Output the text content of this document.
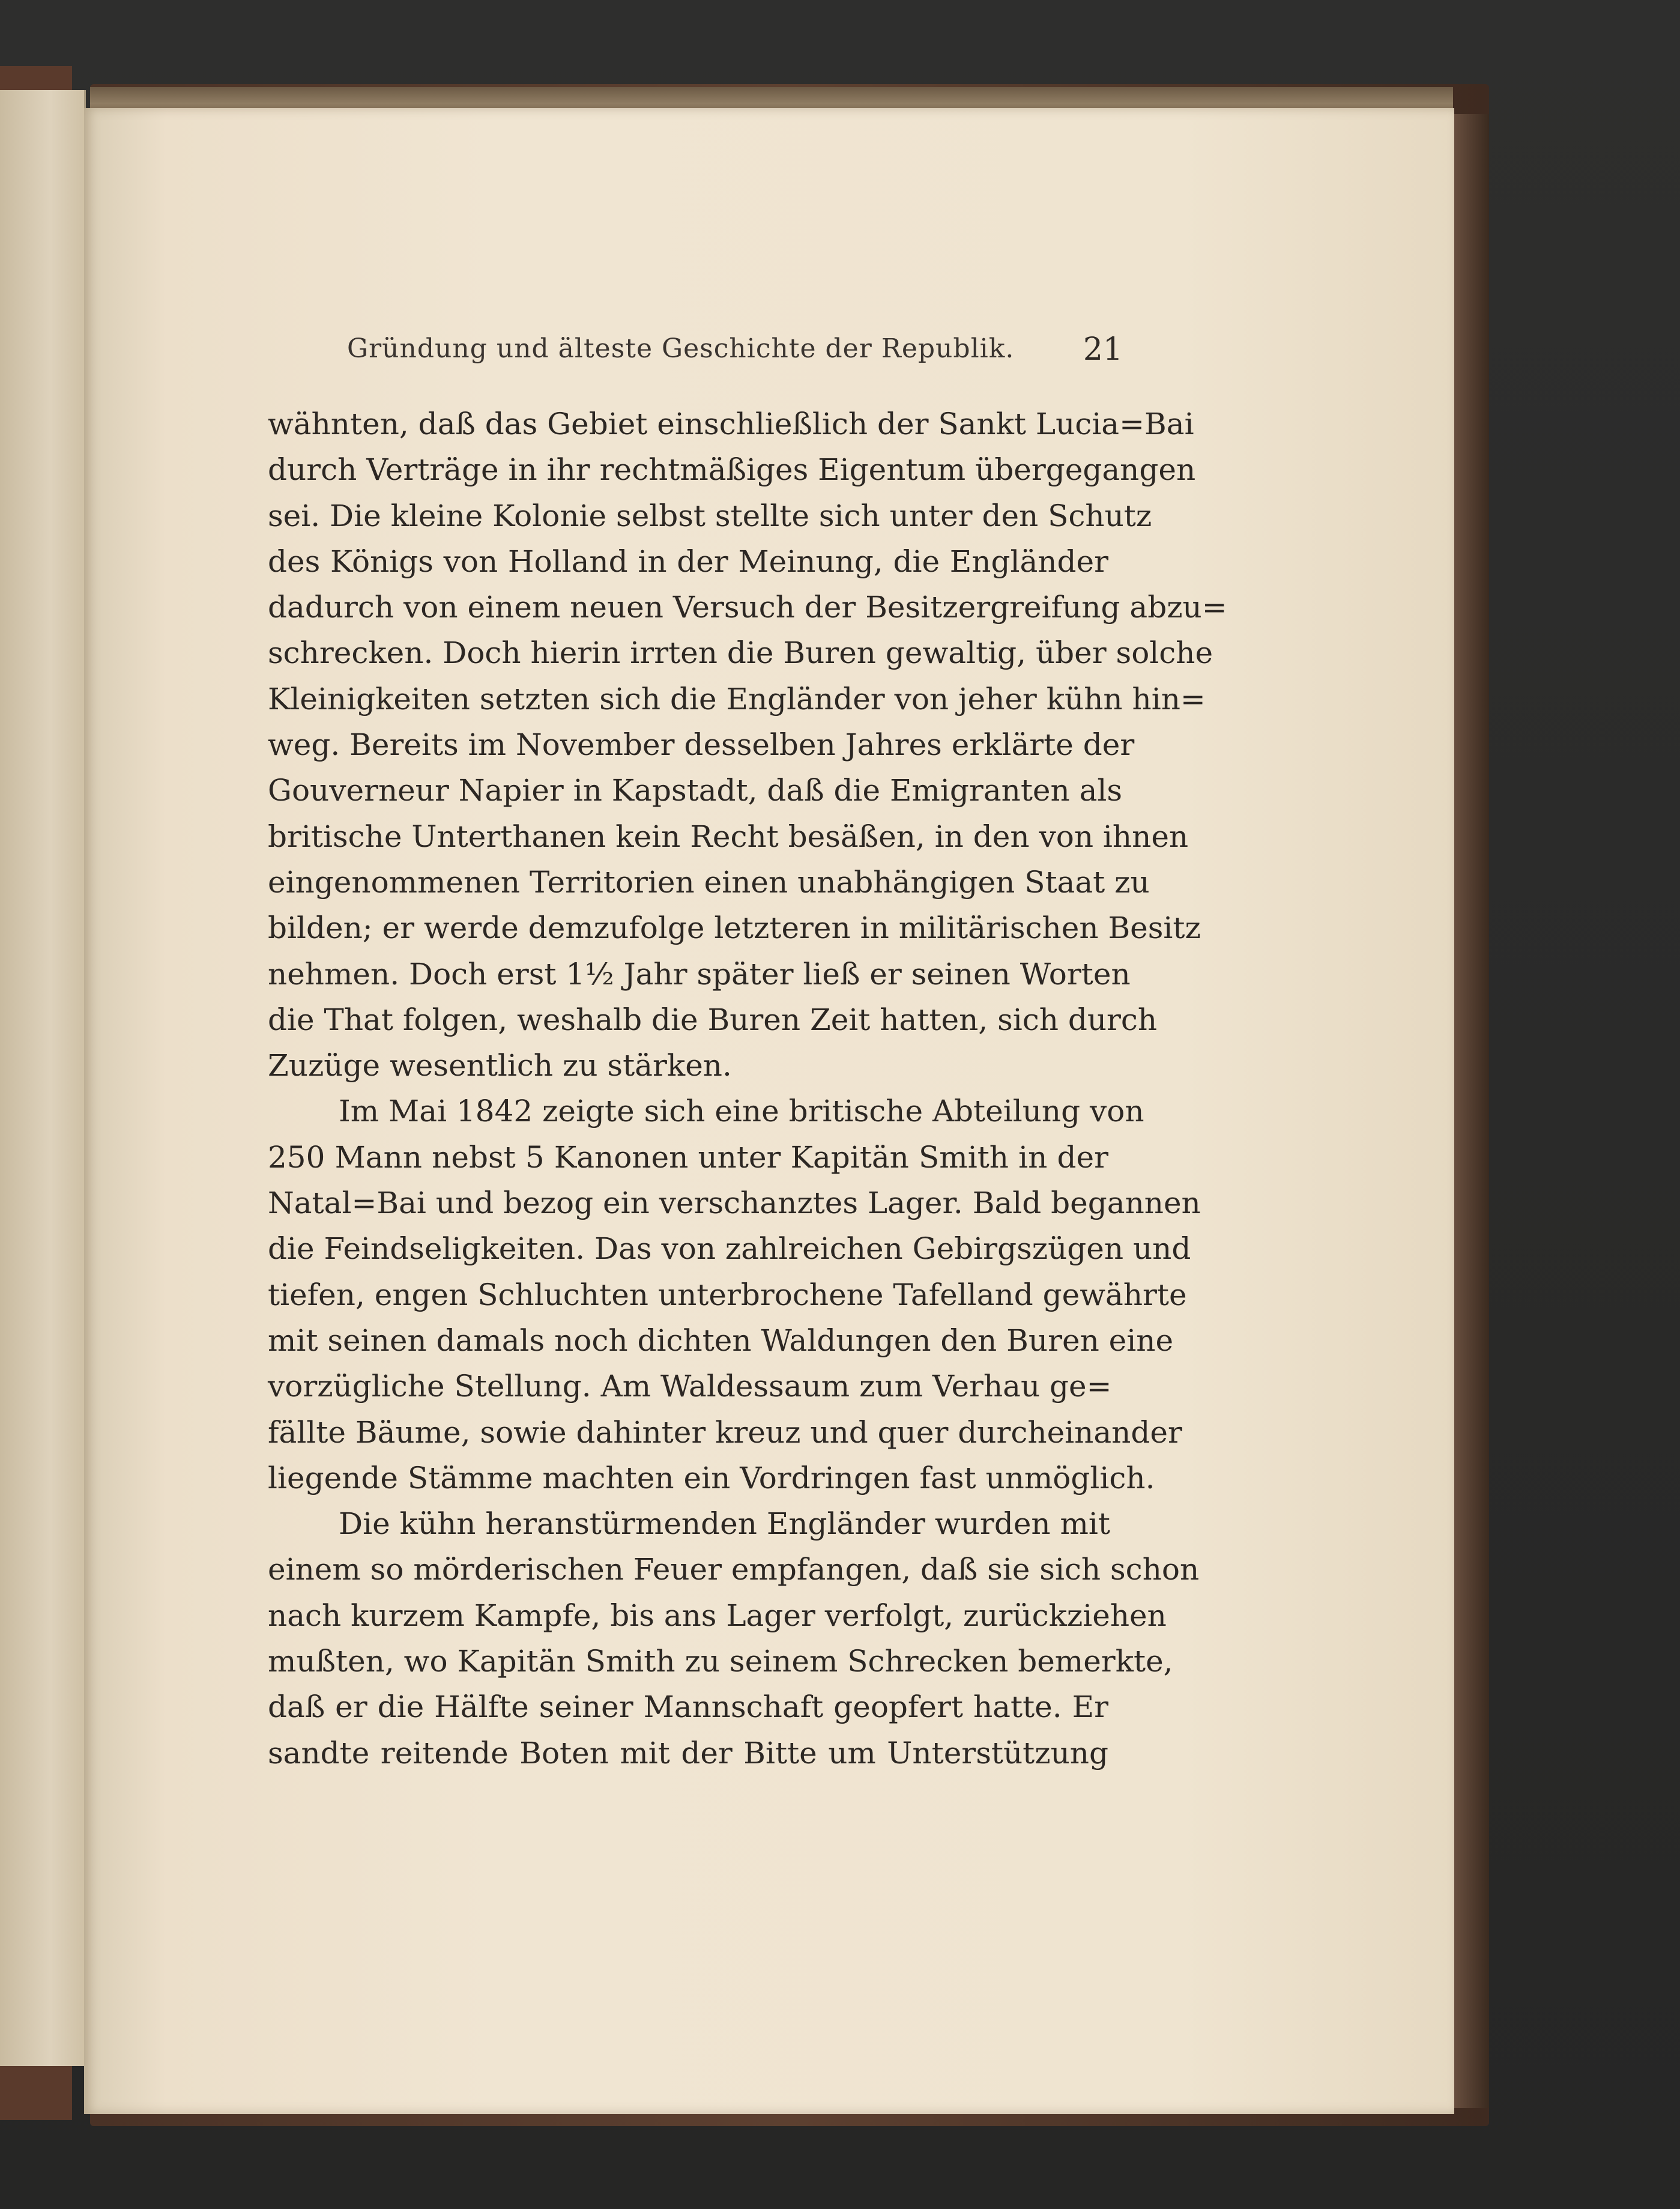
Gründung und älteste Geschichte der Republik.	21
wähnten, daß das Gebiet einschließlich der Sankt Lucia=Bai
durch Verträge in ihr rechtmäßiges Eigentum übergegangen
sei. Die kleine Kolonie selbst stellte sich unter den Schutz
des Königs von Holland in der Meinung, die Engländer
dadurch von einem neuen Versuch der Besitzergreifung abzu=
schrecken. Doch hierin irrten die Buren gewaltig, über solche
Kleinigkeiten setzten sich die Engländer von jeher kühn hin=
weg. Bereits im November desselben Jahres erklärte der
Gouverneur Napier in Kapstadt, daß die Emigranten als
britische Unterthanen kein Recht besäßen, in den von ihnen
eingenommenen Territorien einen unabhängigen Staat zu
bilden; er werde demzufolge letzteren in militärischen Besitz
nehmen. Doch erst 1½ Jahr später ließ er seinen Worten
die That folgen, weshalb die Buren Zeit hatten, sich durch
Zuzüge wesentlich zu stärken.
Im Mai 1842 zeigte sich eine britische Abteilung von
250 Mann nebst 5 Kanonen unter Kapitän Smith in der
Natal=Bai und bezog ein verschanztes Lager. Bald begannen
die Feindseligkeiten. Das von zahlreichen Gebirgszügen und
tiefen, engen Schluchten unterbrochene Tafelland gewährte
mit seinen damals noch dichten Waldungen den Buren eine
vorzügliche Stellung. Am Waldessaum zum Verhau ge=
fällte Bäume, sowie dahinter kreuz und quer durcheinander
liegende Stämme machten ein Vordringen fast unmöglich.
Die kühn heranstürmenden Engländer wurden mit
einem so mörderischen Feuer empfangen, daß sie sich schon
nach kurzem Kampfe, bis ans Lager verfolgt, zurückziehen
mußten, wo Kapitän Smith zu seinem Schrecken bemerkte,
daß er die Hälfte seiner Mannschaft geopfert hatte. Er
sandte reitende Boten mit der Bitte um Unterstützung
